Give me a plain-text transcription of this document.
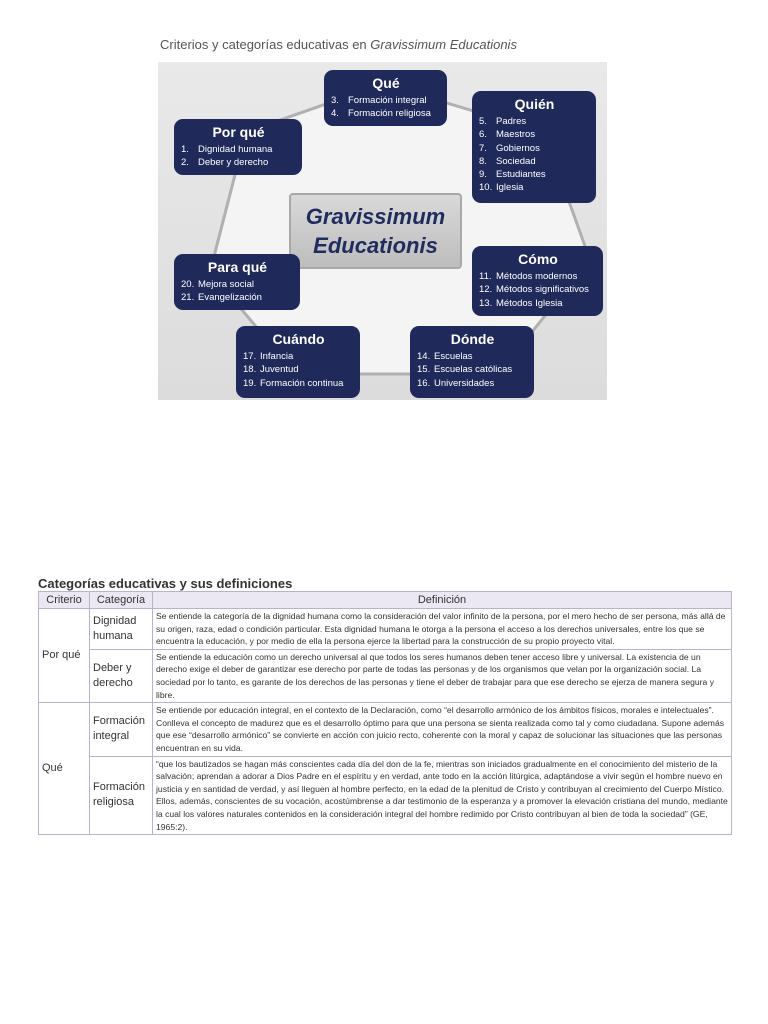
Criterios y categorías educativas en Gravissimum Educationis
Gravissimum
Educationis
Qué
3. Formación integral
4. Formación religiosa
Quién
5. Padres
6. Maestros
7. Gobiernos
8. Sociedad
9. Estudiantes
10. Iglesia
Por qué
1. Dignidad humana
2. Deber y derecho
Cómo
11. Métodos modernos
12. Métodos significativos
13. Métodos Iglesia
Para qué
20. Mejora social
21. Evangelización
Cuándo
17. Infancia
18. Juventud
19. Formación continua
Dónde
14. Escuelas
15. Escuelas católicas
16. Universidades
Categorías educativas y sus definiciones
Criterio	Categoría	Definición
Por qué	Dignidad humana	Se entiende la categoría de la dignidad humana como la consideración del valor infinito de la persona, por el mero hecho de ser persona, más allá de su origen, raza, edad o condición particular. Esta dignidad humana le otorga a la persona el acceso a los derechos universales, entre los que se encuentra la educación, y por medio de ella la persona ejerce la libertad para la construcción de su propio proyecto vital.
	Deber y derecho	Se entiende la educación como un derecho universal al que todos los seres humanos deben tener acceso libre y universal. La existencia de un derecho exige el deber de garantizar ese derecho por parte de todas las personas y de los organismos que velan por la organización social. La sociedad por lo tanto, es garante de los derechos de las personas y tiene el deber de trabajar para que ese derecho se ejerza de manera segura y libre.
Qué	Formación integral	Se entiende por educación integral, en el contexto de la Declaración, como “el desarrollo armónico de los ámbitos físicos, morales e intelectuales”. Conlleva el concepto de madurez que es el desarrollo óptimo para que una persona se sienta realizada como tal y como ciudadana. Supone además que ese “desarrollo armónico” se convierte en acción con juicio recto, coherente con la moral y capaz de solucionar las situaciones que las personas encuentran en su vida.
	Formación religiosa	“que los bautizados se hagan más conscientes cada día del don de la fe, mientras son iniciados gradualmente en el conocimiento del misterio de la salvación; aprendan a adorar a Dios Padre en el espíritu y en verdad, ante todo en la acción litúrgica, adaptándose a vivir según el hombre nuevo en justicia y en santidad de verdad, y así lleguen al hombre perfecto, en la edad de la plenitud de Cristo y contribuyan al crecimiento del Cuerpo Místico. Ellos, además, conscientes de su vocación, acostúmbrense a dar testimonio de la esperanza y a promover la elevación cristiana del mundo, mediante la cual los valores naturales contenidos en la consideración integral del hombre redimido por Cristo contribuyan al bien de toda la sociedad” (GE, 1965:2).
